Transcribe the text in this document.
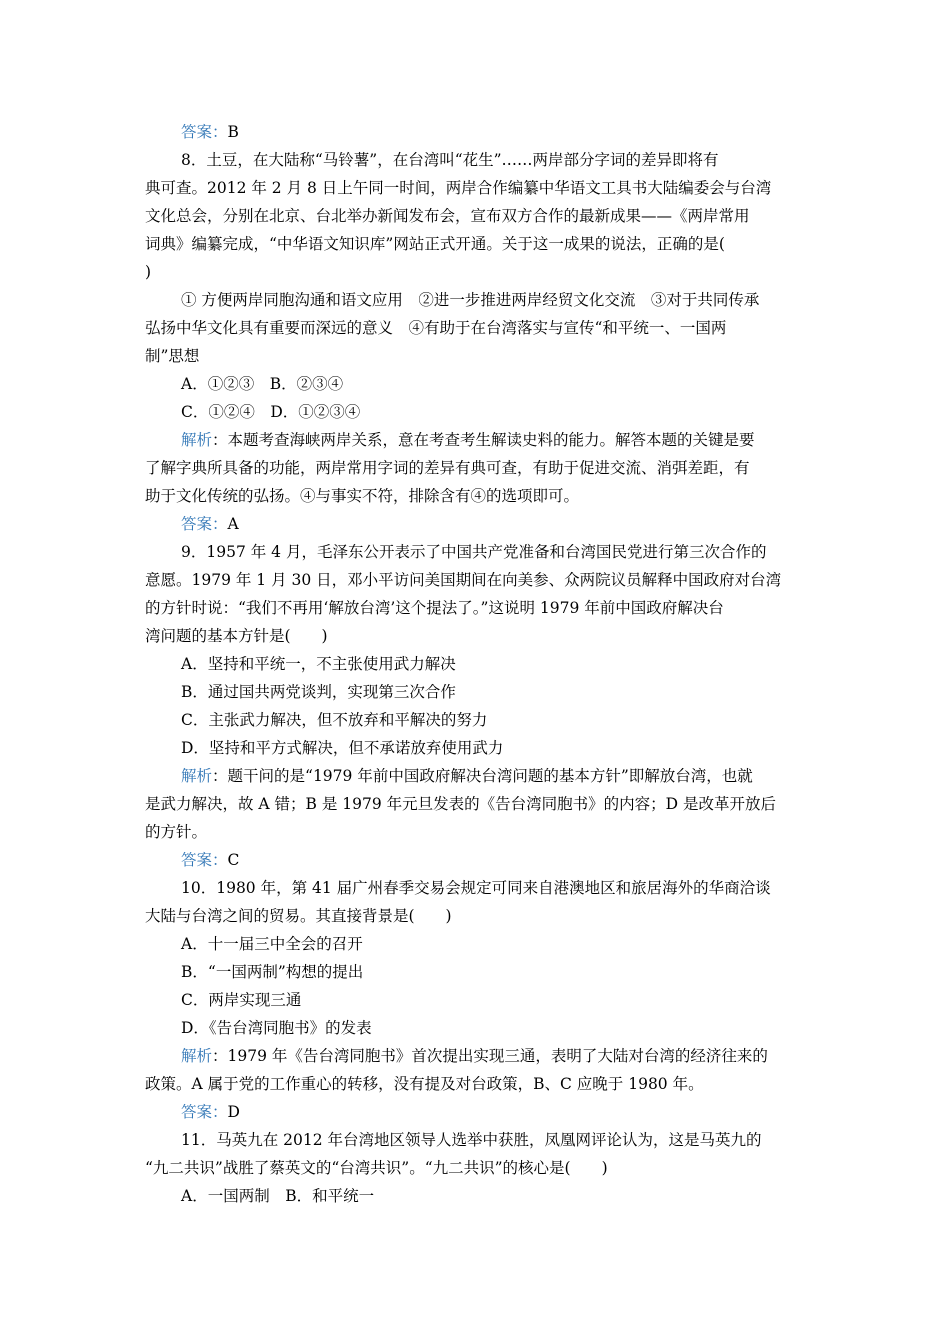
答案：B
8．土豆，在大陆称“马铃薯”，在台湾叫“花生”……两岸部分字词的差异即将有
典可查。2012 年 2 月 8 日上午同一时间，两岸合作编纂中华语文工具书大陆编委会与台湾
文化总会，分别在北京、台北举办新闻发布会，宣布双方合作的最新成果——《两岸常用
词典》编纂完成，“中华语文知识库”网站正式开通。关于这一成果的说法，正确的是(
)
① 方便两岸同胞沟通和语文应用　②进一步推进两岸经贸文化交流　③对于共同传承
弘扬中华文化具有重要而深远的意义　④有助于在台湾落实与宣传“和平统一、一国两
制”思想
A．①②③　B．②③④
C．①②④　D．①②③④
解析：本题考查海峡两岸关系，意在考查考生解读史料的能力。解答本题的关键是要
了解字典所具备的功能，两岸常用字词的差异有典可查，有助于促进交流、消弭差距，有
助于文化传统的弘扬。④与事实不符，排除含有④的选项即可。
答案：A
9．1957 年 4 月，毛泽东公开表示了中国共产党准备和台湾国民党进行第三次合作的
意愿。1979 年 1 月 30 日，邓小平访问美国期间在向美参、众两院议员解释中国政府对台湾
的方针时说：“我们不再用‘解放台湾’这个提法了。”这说明 1979 年前中国政府解决台
湾问题的基本方针是(　　)
A．坚持和平统一，不主张使用武力解决
B．通过国共两党谈判，实现第三次合作
C．主张武力解决，但不放弃和平解决的努力
D．坚持和平方式解决，但不承诺放弃使用武力
解析：题干问的是“1979 年前中国政府解决台湾问题的基本方针”即解放台湾，也就
是武力解决，故 A 错；B 是 1979 年元旦发表的《告台湾同胞书》的内容；D 是改革开放后
的方针。
答案：C
10．1980 年，第 41 届广州春季交易会规定可同来自港澳地区和旅居海外的华商洽谈
大陆与台湾之间的贸易。其直接背景是(　　)
A．十一届三中全会的召开
B．“一国两制”构想的提出
C．两岸实现三通
D．《告台湾同胞书》的发表
解析：1979 年《告台湾同胞书》首次提出实现三通，表明了大陆对台湾的经济往来的
政策。A 属于党的工作重心的转移，没有提及对台政策，B、C 应晚于 1980 年。
答案：D
11．马英九在 2012 年台湾地区领导人选举中获胜，凤凰网评论认为，这是马英九的
“九二共识”战胜了蔡英文的“台湾共识”。“九二共识”的核心是(　　)
A．一国两制　B．和平统一
